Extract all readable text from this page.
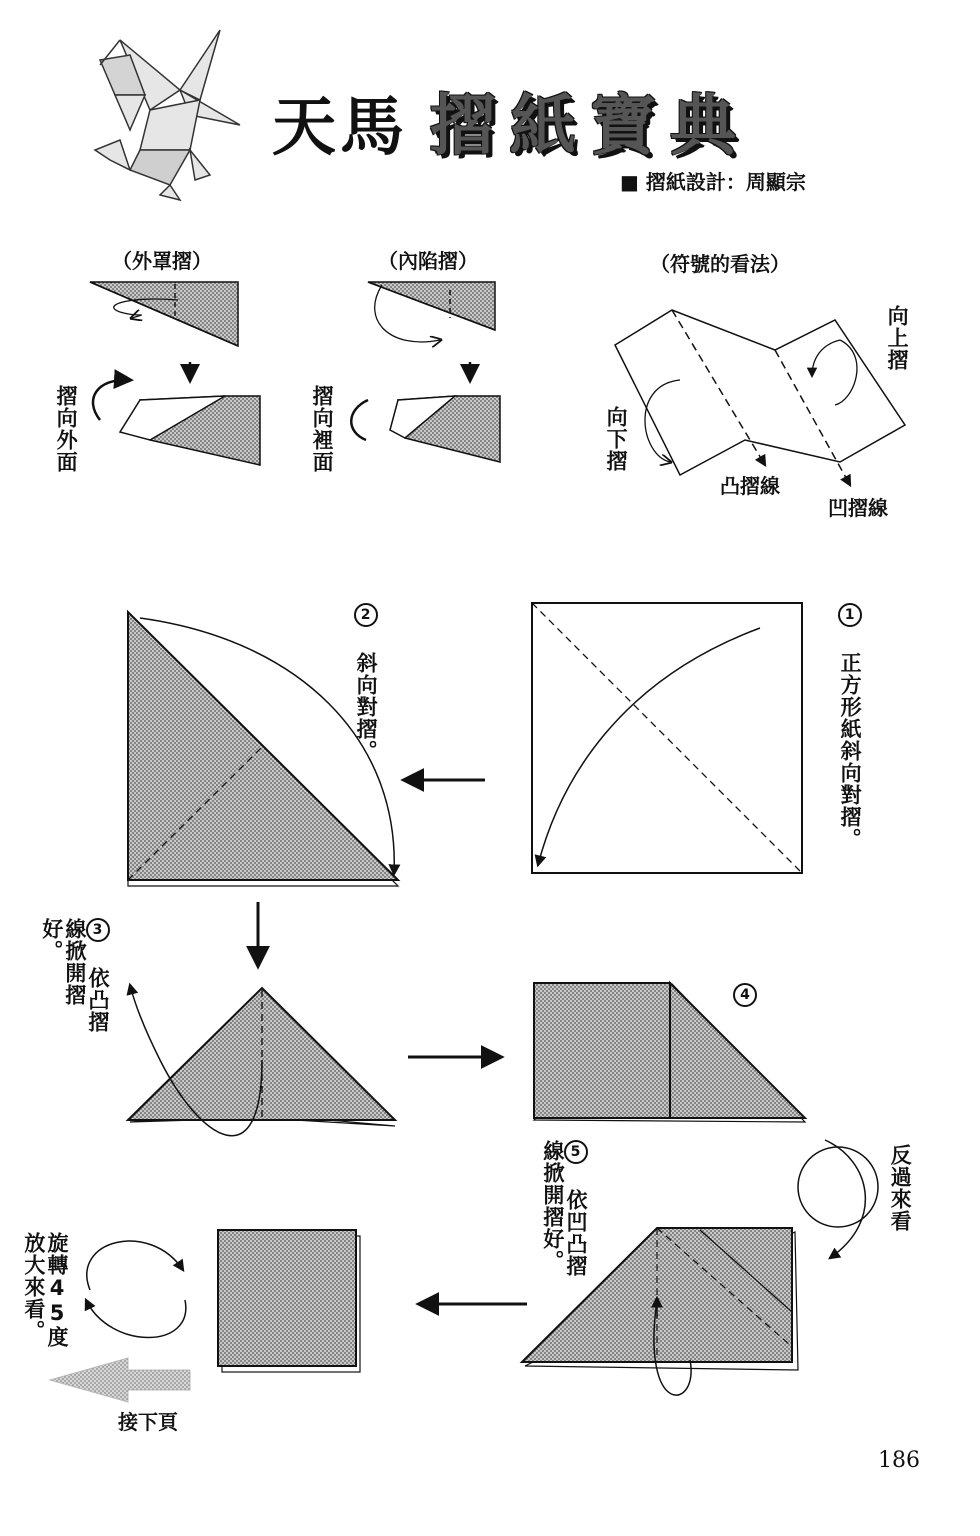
天馬 摺紙寶典
■ 摺紙設計：周顯宗
（外罩摺）
摺向外面
（內陷摺）
摺向裡面
（符號的看法）
向上摺
向下摺
凸摺線
凹摺線
1 正方形紙斜向對摺。
2 斜向對摺。
3 依凸摺線掀開摺好。
4
5 依凹凸摺線掀開摺好。	反過來看
旋轉45度放大來看。
接下頁
186
